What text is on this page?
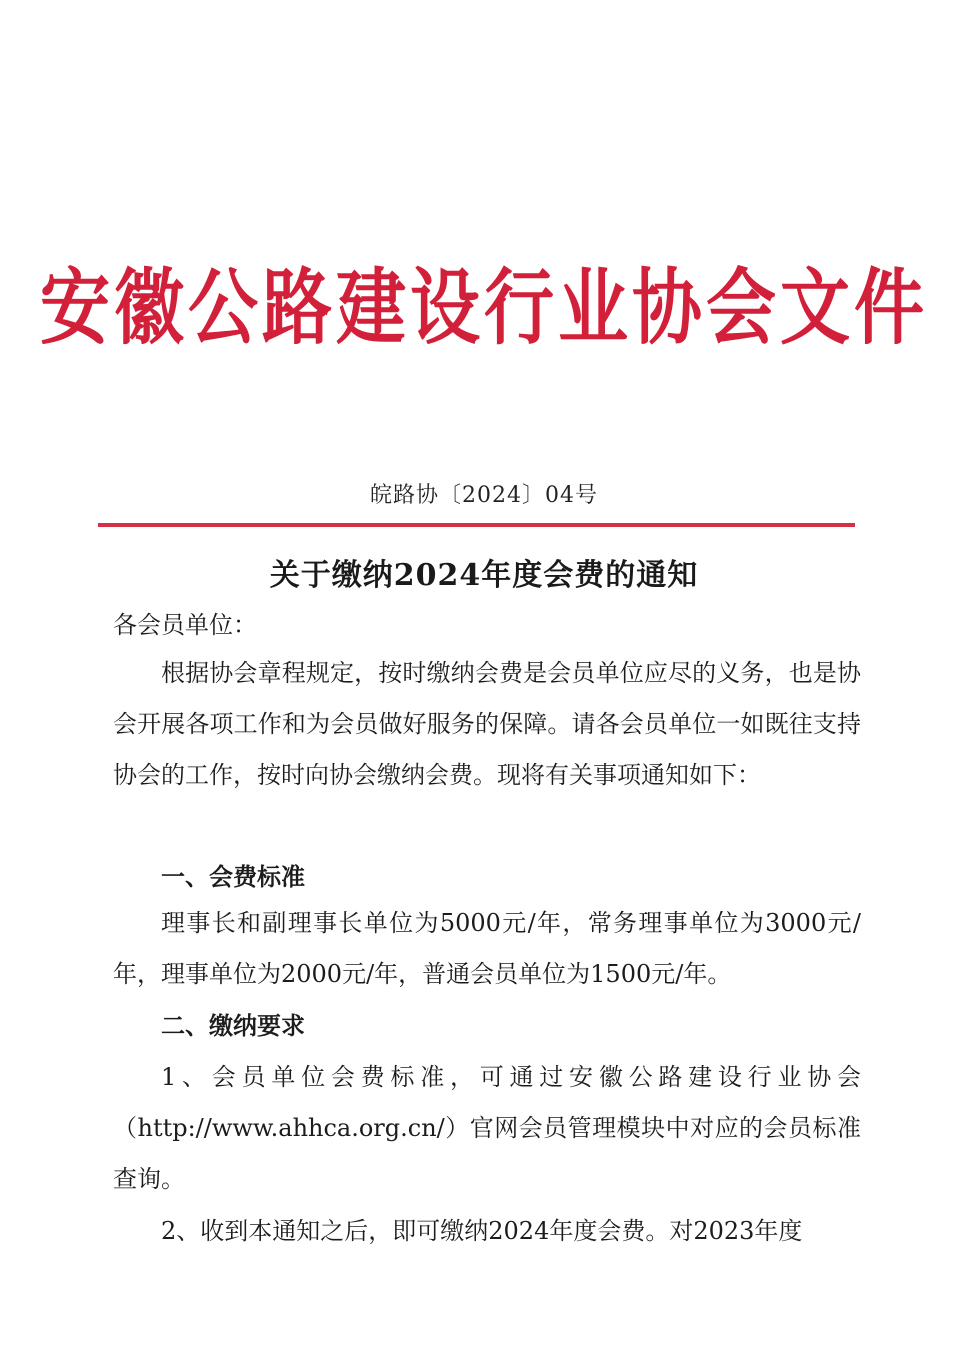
安徽公路建设行业协会文件
皖路协〔2024〕04号
关于缴纳2024年度会费的通知
各会员单位：
根据协会章程规定，按时缴纳会费是会员单位应尽的义务，也是协会开展各项工作和为会员做好服务的保障。请各会员单位一如既往支持协会的工作，按时向协会缴纳会费。现将有关事项通知如下：
一、会费标准
理事长和副理事长单位为5000元/年，常务理事单位为3000元/年，理事单位为2000元/年，普通会员单位为1500元/年。
二、缴纳要求
1、会员单位会费标准，可通过安徽公路建设行业协会（http://www.ahhca.org.cn/）官网会员管理模块中对应的会员标准查询。
2、收到本通知之后，即可缴纳2024年度会费。对2023年度
